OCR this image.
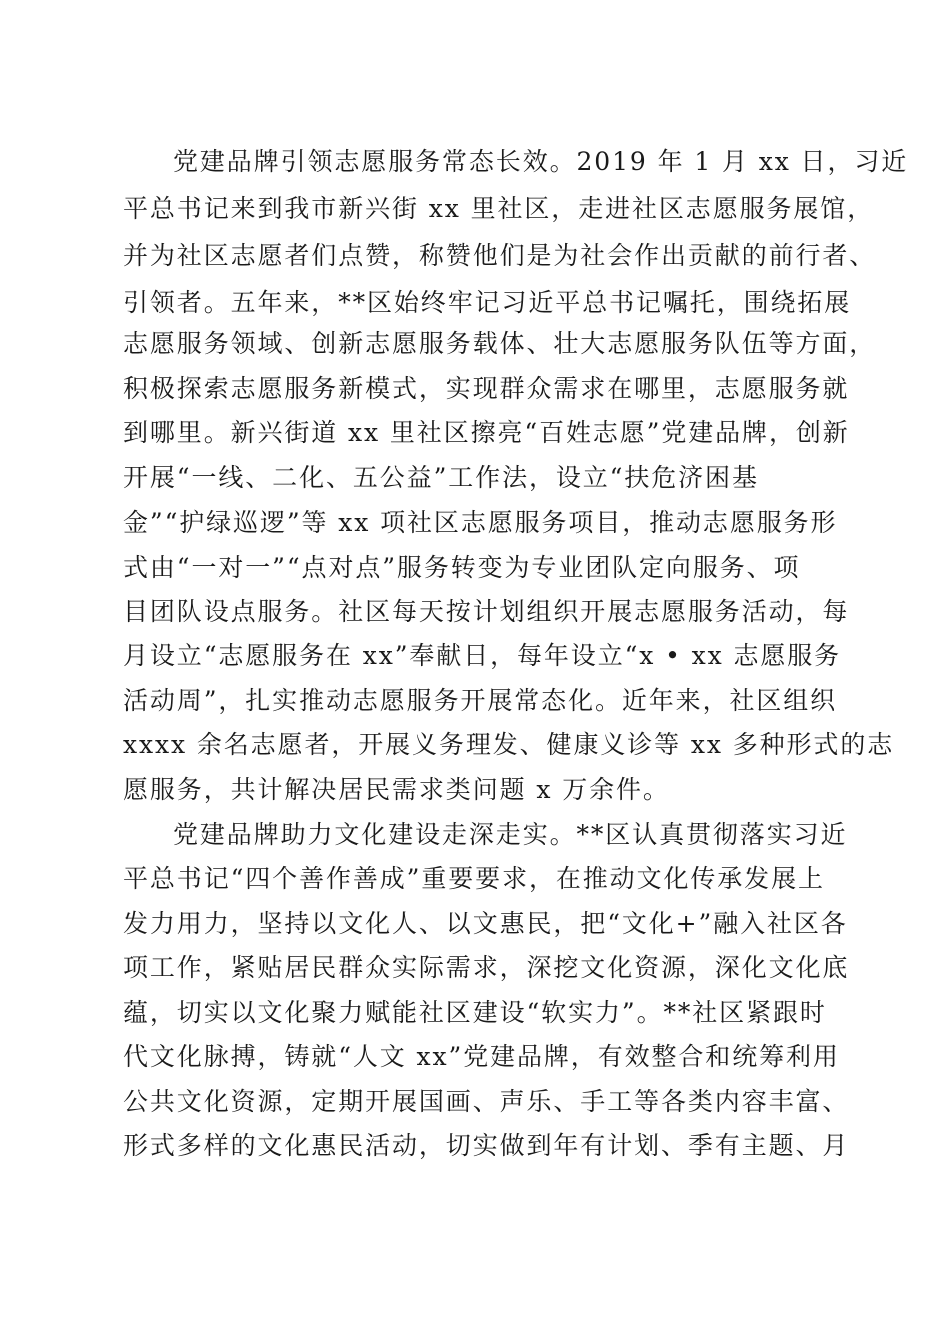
党建品牌引领志愿服务常态长效。2019 年 1 月 xx 日，习近
平总书记来到我市新兴街 xx 里社区，走进社区志愿服务展馆，
并为社区志愿者们点赞，称赞他们是为社会作出贡献的前行者、
引领者。五年来，**区始终牢记习近平总书记嘱托，围绕拓展
志愿服务领域、创新志愿服务载体、壮大志愿服务队伍等方面，
积极探索志愿服务新模式，实现群众需求在哪里，志愿服务就
到哪里。新兴街道 xx 里社区擦亮“百姓志愿”党建品牌，创新
开展“一线、二化、五公益”工作法，设立“扶危济困基
金”“护绿巡逻”等 xx 项社区志愿服务项目，推动志愿服务形
式由“一对一”“点对点”服务转变为专业团队定向服务、项
目团队设点服务。社区每天按计划组织开展志愿服务活动，每
月设立“志愿服务在 xx”奉献日，每年设立“x • xx 志愿服务
活动周”，扎实推动志愿服务开展常态化。近年来，社区组织
xxxx 余名志愿者，开展义务理发、健康义诊等 xx 多种形式的志
愿服务，共计解决居民需求类问题 x 万余件。
党建品牌助力文化建设走深走实。**区认真贯彻落实习近
平总书记“四个善作善成”重要要求，在推动文化传承发展上
发力用力，坚持以文化人、以文惠民，把“文化+”融入社区各
项工作，紧贴居民群众实际需求，深挖文化资源，深化文化底
蕴，切实以文化聚力赋能社区建设“软实力”。**社区紧跟时
代文化脉搏，铸就“人文 xx”党建品牌，有效整合和统筹利用
公共文化资源，定期开展国画、声乐、手工等各类内容丰富、
形式多样的文化惠民活动，切实做到年有计划、季有主题、月
